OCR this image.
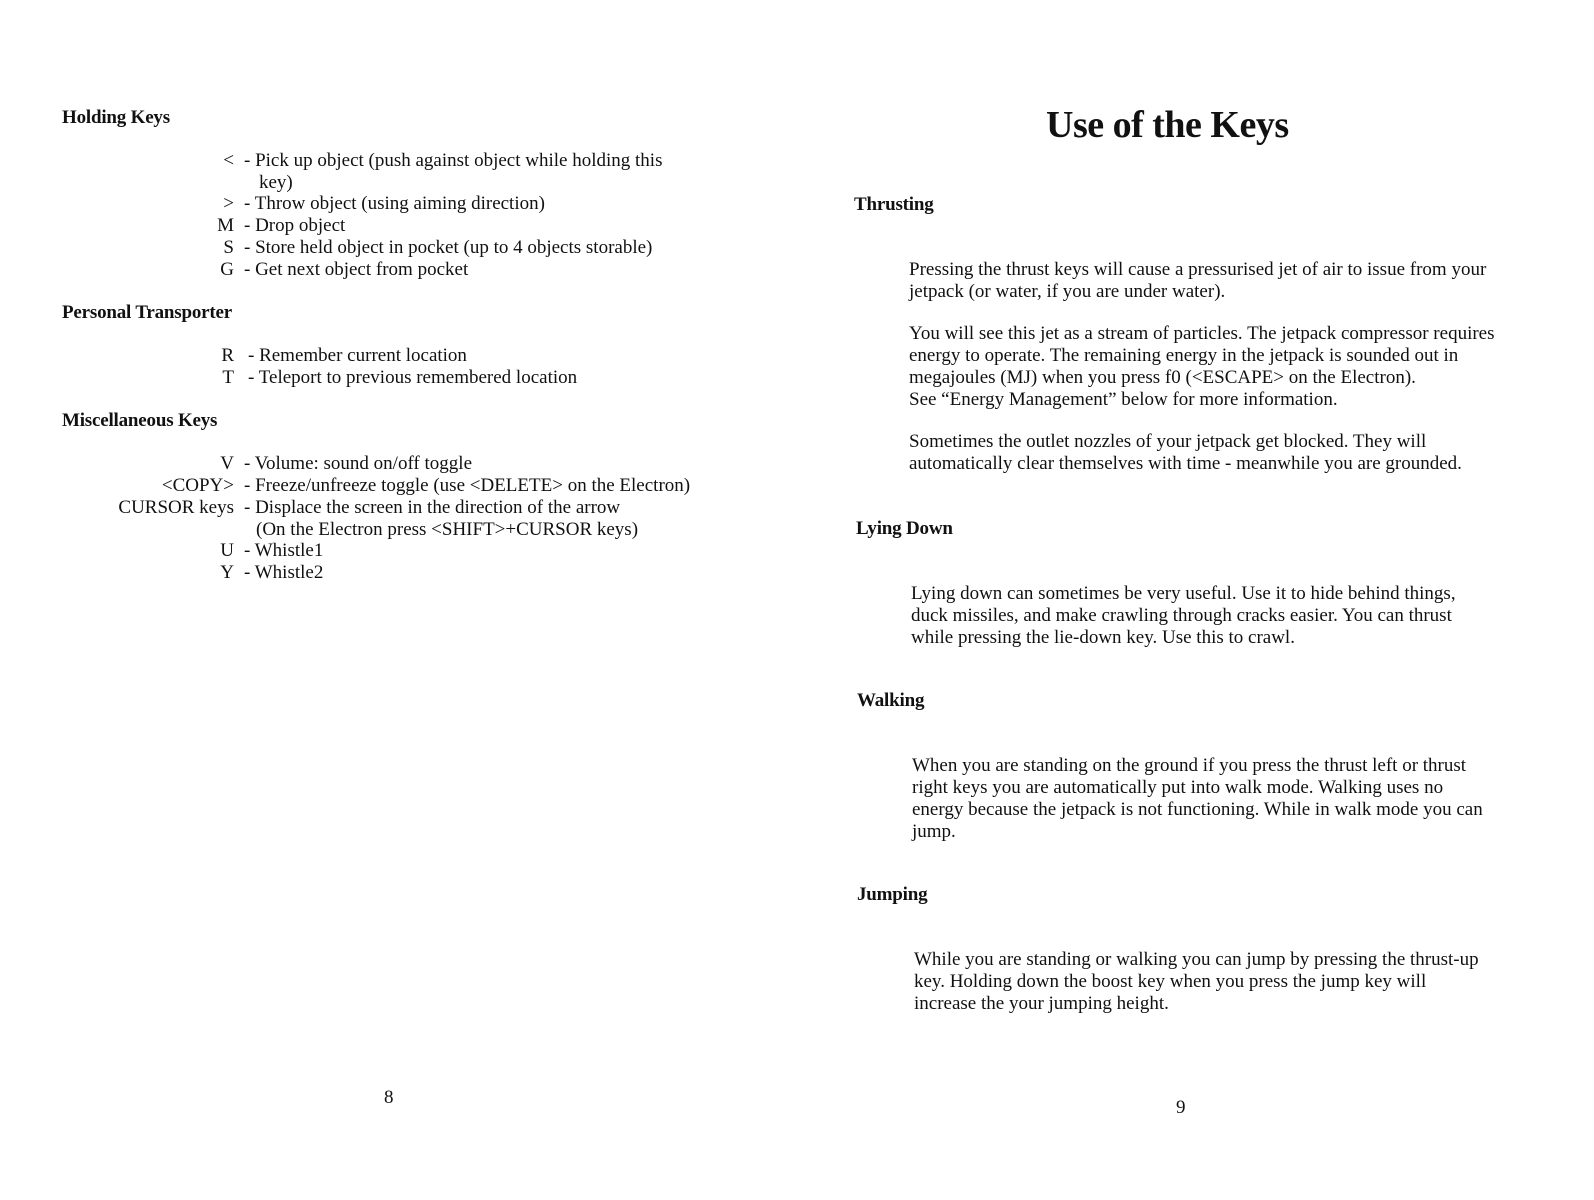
Holding Keys
< - Pick up object (push against object while holding this
key)
> - Throw object (using aiming direction)
M - Drop object
S - Store held object in pocket (up to 4 objects storable)
G - Get next object from pocket
Personal Transporter
R - Remember current location
T - Teleport to previous remembered location
Miscellaneous Keys
V - Volume: sound on/off toggle
<COPY> - Freeze/unfreeze toggle (use <DELETE> on the Electron)
CURSOR keys - Displace the screen in the direction of the arrow
(On the Electron press <SHIFT>+CURSOR keys)
U - Whistle1
Y - Whistle2
8
Use of the Keys
Thrusting
Pressing the thrust keys will cause a pressurised jet of air to issue from your
jetpack (or water, if you are under water).
You will see this jet as a stream of particles. The jetpack compressor requires
energy to operate. The remaining energy in the jetpack is sounded out in
megajoules (MJ) when you press f0 (<ESCAPE> on the Electron).
See “Energy Management” below for more information.
Sometimes the outlet nozzles of your jetpack get blocked. They will
automatically clear themselves with time - meanwhile you are grounded.
Lying Down
Lying down can sometimes be very useful. Use it to hide behind things,
duck missiles, and make crawling through cracks easier. You can thrust
while pressing the lie-down key. Use this to crawl.
Walking
When you are standing on the ground if you press the thrust left or thrust
right keys you are automatically put into walk mode. Walking uses no
energy because the jetpack is not functioning. While in walk mode you can
jump.
Jumping
While you are standing or walking you can jump by pressing the thrust-up
key. Holding down the boost key when you press the jump key will
increase the your jumping height.
9
